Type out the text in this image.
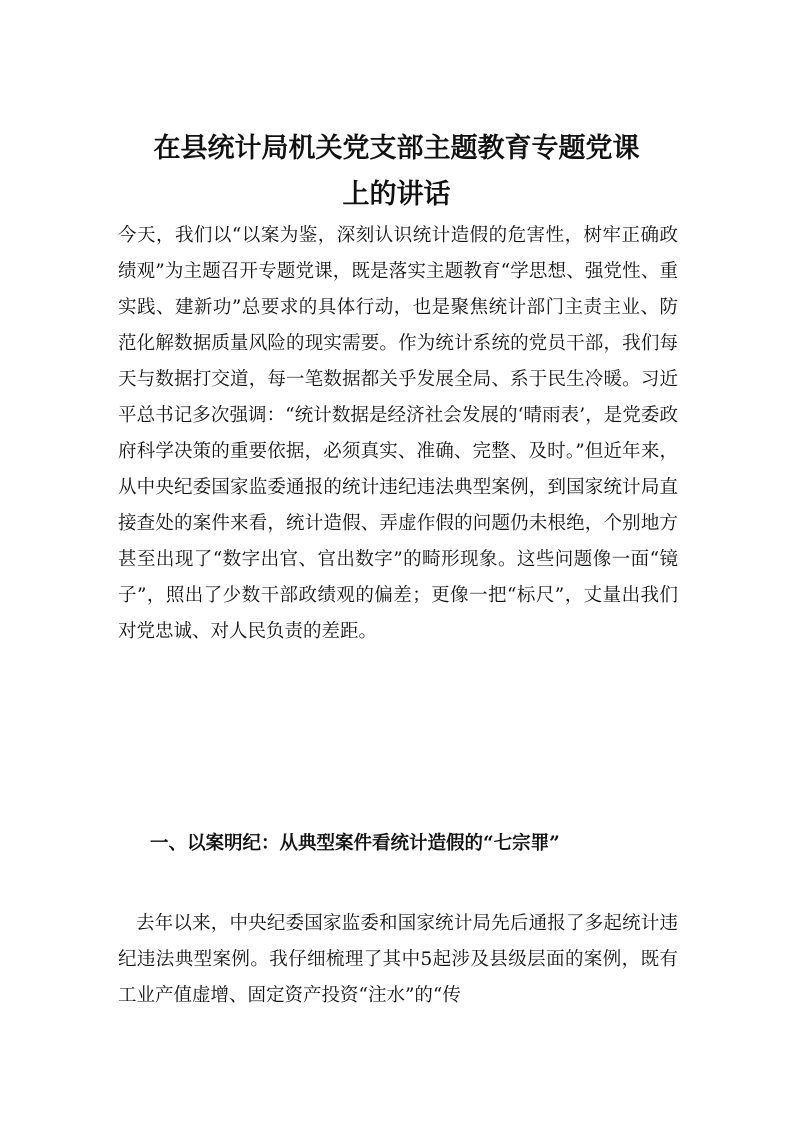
在县统计局机关党支部主题教育专题党课
上的讲话

今天，我们以“以案为鉴，深刻认识统计造假的危害性，树牢正确政绩观”为主题召开专题党课，既是落实主题教育“学思想、强党性、重实践、建新功”总要求的具体行动，也是聚焦统计部门主责主业、防范化解数据质量风险的现实需要。作为统计系统的党员干部，我们每天与数据打交道，每一笔数据都关乎发展全局、系于民生冷暖。习近平总书记多次强调：“统计数据是经济社会发展的‘晴雨表’，是党委政府科学决策的重要依据，必须真实、准确、完整、及时。”但近年来，从中央纪委国家监委通报的统计违纪违法典型案例，到国家统计局直接查处的案件来看，统计造假、弄虚作假的问题仍未根绝，个别地方甚至出现了“数字出官、官出数字”的畸形现象。这些问题像一面“镜子”，照出了少数干部政绩观的偏差；更像一把“标尺”，丈量出我们对党忠诚、对人民负责的差距。

一、以案明纪：从典型案件看统计造假的“七宗罪”

去年以来，中央纪委国家监委和国家统计局先后通报了多起统计违纪违法典型案例。我仔细梳理了其中5起涉及县级层面的案例，既有工业产值虚增、固定资产投资“注水”的“传
